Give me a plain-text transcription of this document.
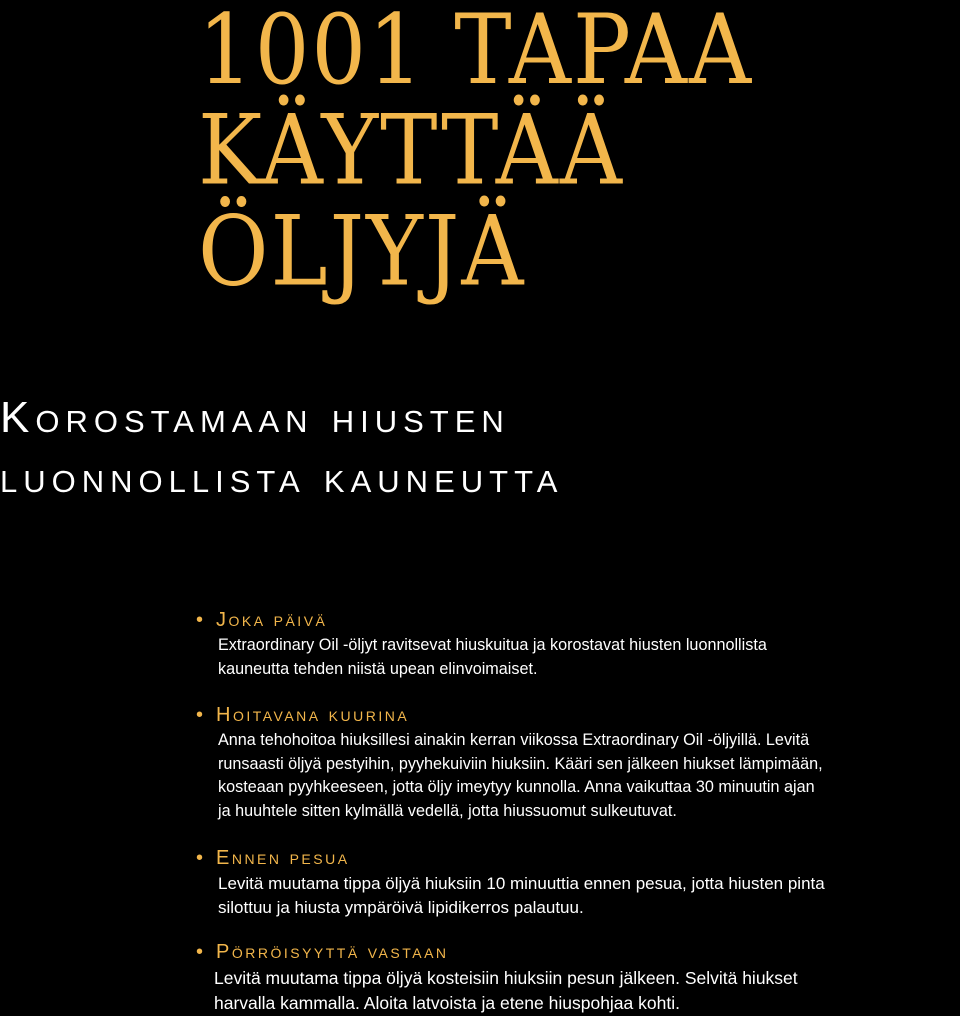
1001 TAPAA
KÄYTTÄÄ
ÖLJYJÄ
Korostamaan hiusten
luonnollista kauneutta
• Joka päivä
Extraordinary Oil -öljyt ravitsevat hiuskuitua ja korostavat hiusten luonnollista
kauneutta tehden niistä upean elinvoimaiset.
• Hoitavana kuurina
Anna tehohoitoa hiuksillesi ainakin kerran viikossa Extraordinary Oil -öljyillä. Levitä
runsaasti öljyä pestyihin, pyyhekuiviin hiuksiin. Kääri sen jälkeen hiukset lämpimään,
kosteaan pyyhkeeseen, jotta öljy imeytyy kunnolla. Anna vaikuttaa 30 minuutin ajan
ja huuhtele sitten kylmällä vedellä, jotta hiussuomut sulkeutuvat.
• Ennen pesua
Levitä muutama tippa öljyä hiuksiin 10 minuuttia ennen pesua, jotta hiusten pinta
silottuu ja hiusta ympäröivä lipidikerros palautuu.
• Pörröisyyttä vastaan
Levitä muutama tippa öljyä kosteisiin hiuksiin pesun jälkeen. Selvitä hiukset
harvalla kammalla. Aloita latvoista ja etene hiuspohjaa kohti.
